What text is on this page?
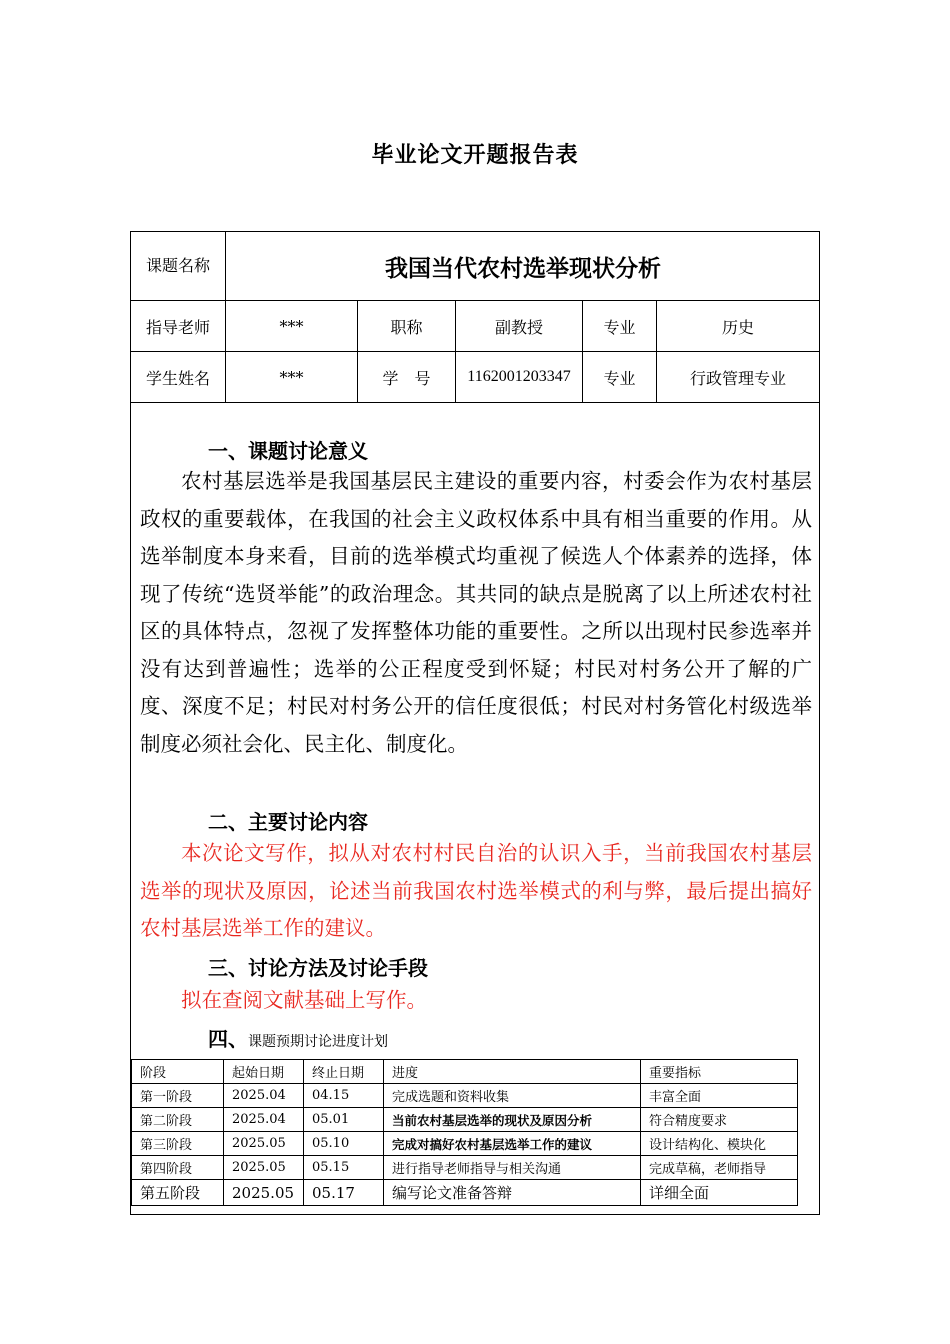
毕业论文开题报告表
课题名称	我国当代农村选举现状分析
指导老师	***	职称	副教授	专业	历史
学生姓名	***	学　号	1162001203347	专业	行政管理专业
一、课题讨论意义
农村基层选举是我国基层民主建设的重要内容，村委会作为农村基层政权的重要载体，在我国的社会主义政权体系中具有相当重要的作用。从选举制度本身来看，目前的选举模式均重视了候选人个体素养的选择，体现了传统“选贤举能”的政治理念。其共同的缺点是脱离了以上所述农村社区的具体特点，忽视了发挥整体功能的重要性。之所以出现村民参选率并没有达到普遍性；选举的公正程度受到怀疑；村民对村务公开了解的广度、深度不足；村民对村务公开的信任度很低；村民对村务管化村级选举制度必须社会化、民主化、制度化。
二、主要讨论内容
本次论文写作，拟从对农村村民自治的认识入手，当前我国农村基层选举的现状及原因，论述当前我国农村选举模式的利与弊，最后提出搞好农村基层选举工作的建议。
三、讨论方法及讨论手段
拟在查阅文献基础上写作。
四、课题预期讨论进度计划
阶段	起始日期	终止日期	进度	重要指标
第一阶段	2025.04	04.15	完成选题和资料收集	丰富全面
第二阶段	2025.04	05.01	当前农村基层选举的现状及原因分析	符合精度要求
第三阶段	2025.05	05.10	完成对搞好农村基层选举工作的建议	设计结构化、模块化
第四阶段	2025.05	05.15	进行指导老师指导与相关沟通	完成草稿，老师指导
第五阶段	2025.05	05.17	编写论文准备答辩	详细全面
